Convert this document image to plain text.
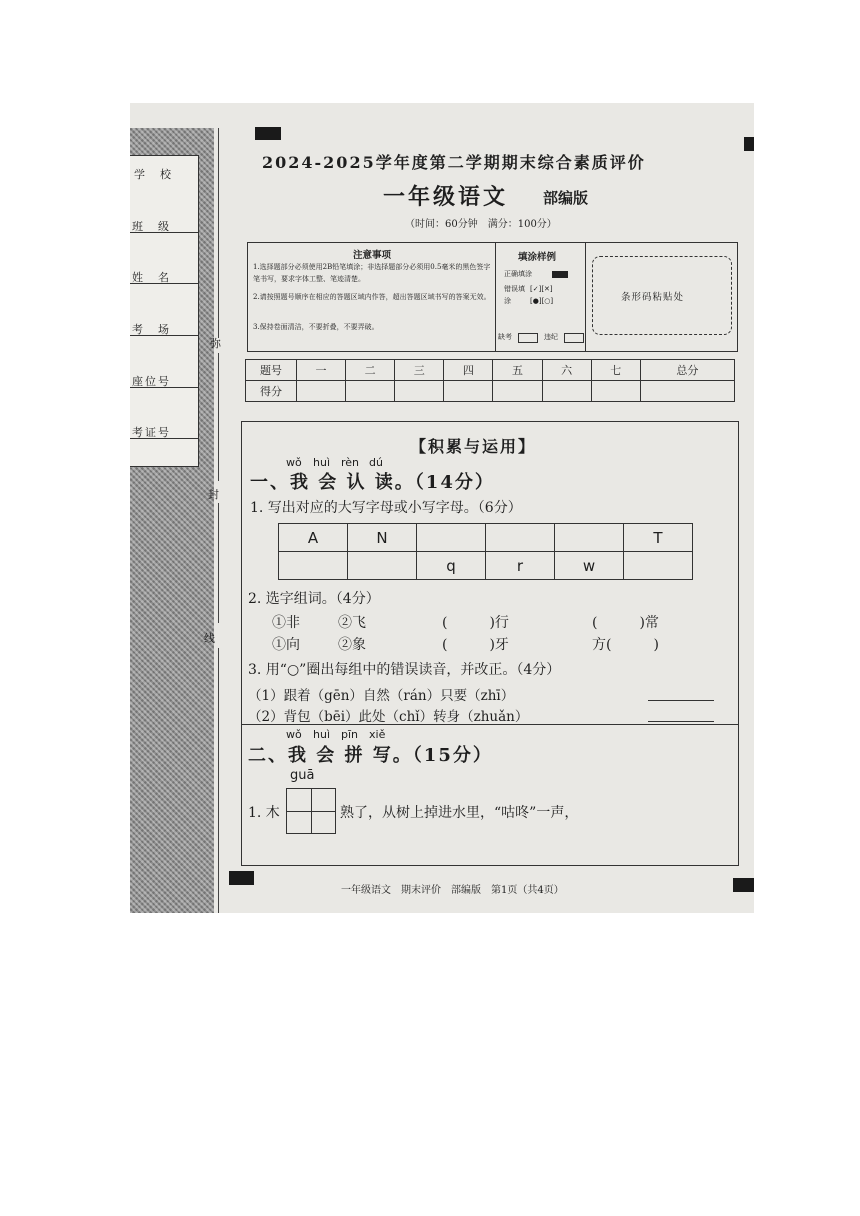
学　校
班　级
姓　名
考　场
座位号
考证号
弥
封
线
2024-2025学年度第二学期期末综合素质评价
一年级语文 部编版
（时间：60分钟　满分：100分）
注意事项
1.选择题部分必须使用2B铅笔填涂；非选择题部分必须用0.5毫米的黑色签字笔书写，要求字体工整、笔迹清楚。
2.请按照题号顺序在相应的答题区域内作答，超出答题区域书写的答案无效。
3.保持卷面清洁，不要折叠，不要弄破。
填涂样例
正确填涂
错误填涂
[✓][✕]
[●][○]
缺考	违纪
条形码粘贴处
题号	一	二	三	四	五	六	七	总分
得分								
【积累与运用】
wǒ huì rèn dú
一、我 会 认 读。（14分）
1. 写出对应的大写字母或小写字母。（6分）
A	N				T
		q	r	w	
2. 选字组词。（4分）
①非	②飞	(　　　)行	(　　　)常
①向	②象	(　　　)牙	方(　　　)
3. 用“○”圈出每组中的错误读音，并改正。（4分）
（1）跟着（gēn）自然（rán）只要（zhī）
（2）背包（bēi）此处（chǐ）转身（zhuǎn）
wǒ huì pīn xiě
二、我 会 拼 写。（15分）
guā
1. 木	熟了，从树上掉进水里，“咕咚”一声，
一年级语文　期末评价　部编版　第1页（共4页）
